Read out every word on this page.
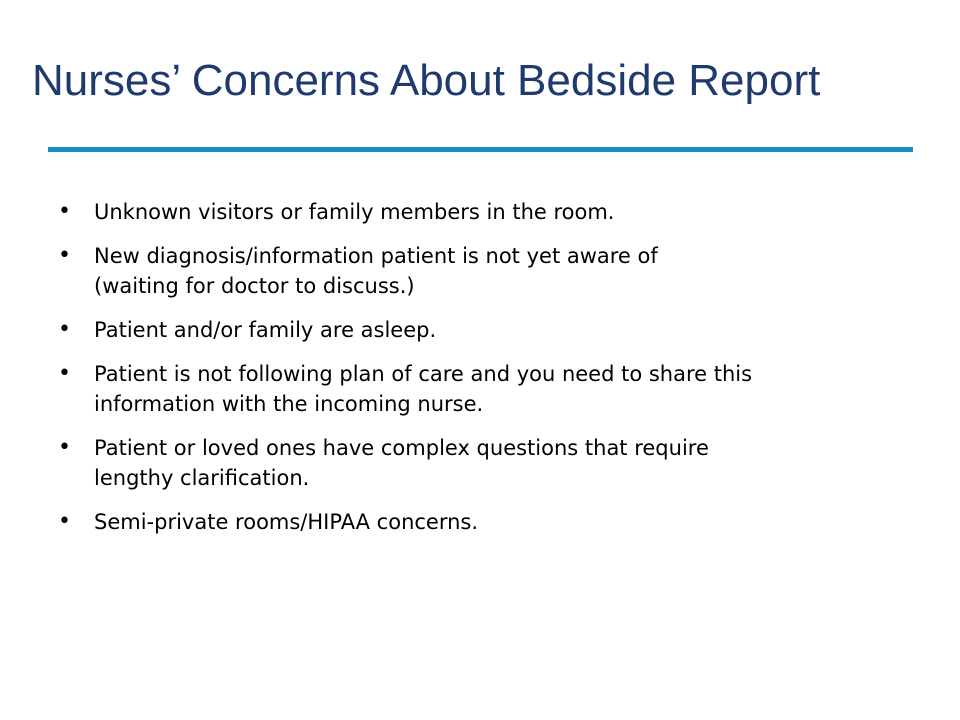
Nurses’ Concerns About Bedside Report
• Unknown visitors or family members in the room.
• New diagnosis/information patient is not yet aware of
(waiting for doctor to discuss.)
• Patient and/or family are asleep.
• Patient is not following plan of care and you need to share this
information with the incoming nurse.
• Patient or loved ones have complex questions that require
lengthy clarification.
• Semi-private rooms/HIPAA concerns.
